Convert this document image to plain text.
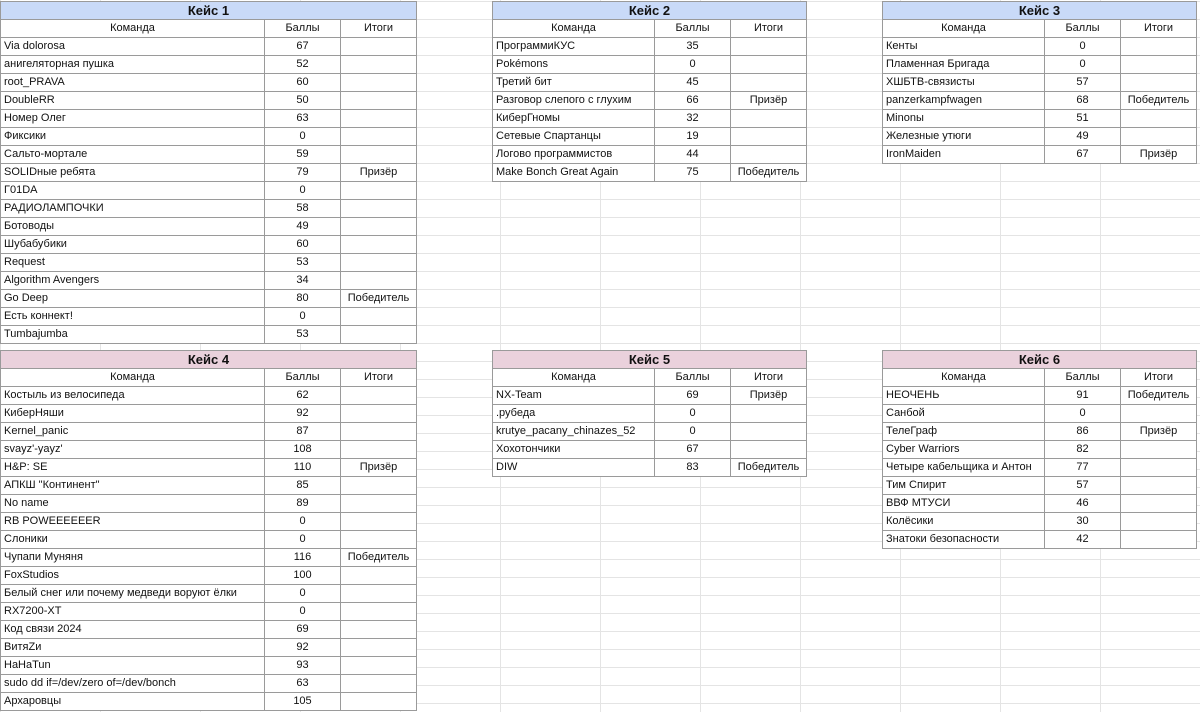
Кейс 1		
Команда	Баллы	Итоги
Via dolorosa	67	
анигеляторная пушка	52	
root_PRAVA	60	
DoubleRR	50	
Номер Олег	63	
Фиксики	0	
Сальто-мортале	59	
SOLIDные ребята	79	Призёр
Г01DA	0	
РАДИОЛАМПОЧКИ	58	
Ботоводы	49	
Шубабубики	60	
Request	53	
Algorithm Avengers	34	
Go Deep	80	Победитель
Есть коннект!	0	
Tumbajumba	53	
Кейс 2		
Команда	Баллы	Итоги
ПрограммиКУС	35	
Pokémons	0	
Третий бит	45	
Разговор слепого с глухим	66	Призёр
КиберГномы	32	
Сетевые Спартанцы	19	
Логово программистов	44	
Make Bonch Great Again	75	Победитель
Кейс 3		
Команда	Баллы	Итоги
Кенты	0	
Пламенная Бригада	0	
ХШБТВ-связисты	57	
panzerkampfwagen	68	Победитель
Minonы	51	
Железные утюги	49	
IronMaiden	67	Призёр
Кейс 4		
Команда	Баллы	Итоги
Костыль из велосипеда	62	
КиберНяши	92	
Kernel_panic	87	
svayz'-yayz'	108	
H&P: SE	110	Призёр
АПКШ "Континент"	85	
No name	89	
RB POWEEEEEER	0	
Слоники	0	
Чупапи Муняня	116	Победитель
FoxStudios	100	
Белый снег или почему медведи воруют ёлки	0	
RX7200-XT	0	
Код связи 2024	69	
ВитяZи	92	
HaHaTun	93	
sudo dd if=/dev/zero of=/dev/bonch	63	
Архаровцы	105	
Кейс 5		
Команда	Баллы	Итоги
NX-Team	69	Призёр
.рубеда	0	
krutye_pacany_chinazes_52	0	
Хохотончики	67	
DIW	83	Победитель
Кейс 6		
Команда	Баллы	Итоги
НЕОЧЕНЬ	91	Победитель
Санбой	0	
ТелеГраф	86	Призёр
Cyber Warriors	82	
Четыре кабельщика и Антон	77	
Тим Спирит	57	
ВВФ МТУСИ	46	
Колёсики	30	
Знатоки безопасности	42	
